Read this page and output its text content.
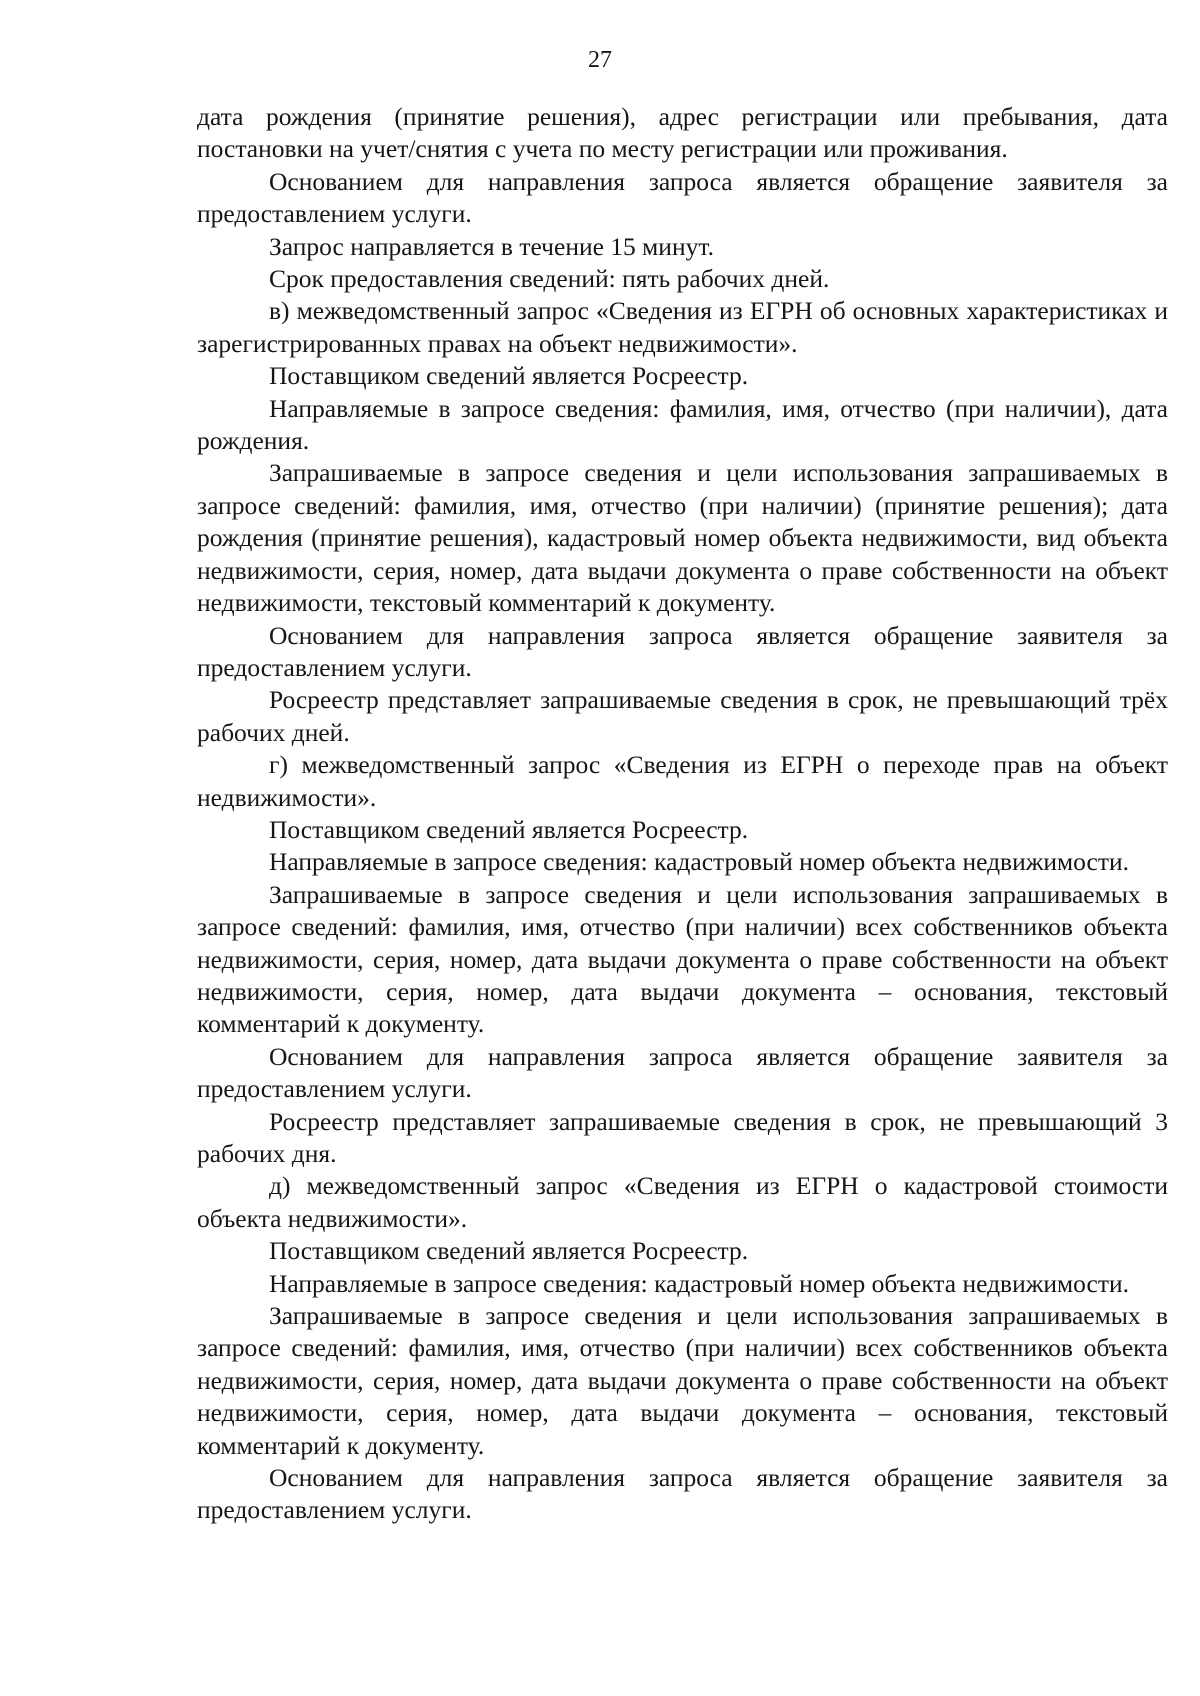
27

дата рождения (принятие решения), адрес регистрации или пребывания, дата постановки на учет/снятия с учета по месту регистрации или проживания.

Основанием для направления запроса является обращение заявителя за предоставлением услуги.

Запрос направляется в течение 15 минут.

Срок предоставления сведений: пять рабочих дней.

в) межведомственный запрос «Сведения из ЕГРН об основных характеристиках и зарегистрированных правах на объект недвижимости».

Поставщиком сведений является Росреестр.

Направляемые в запросе сведения: фамилия, имя, отчество (при наличии), дата рождения.

Запрашиваемые в запросе сведения и цели использования запрашиваемых в запросе сведений: фамилия, имя, отчество (при наличии) (принятие решения); дата рождения (принятие решения), кадастровый номер объекта недвижимости, вид объекта недвижимости, серия, номер, дата выдачи документа о праве собственности на объект недвижимости, текстовый комментарий к документу.

Основанием для направления запроса является обращение заявителя за предоставлением услуги.

Росреестр представляет запрашиваемые сведения в срок, не превышающий трёх рабочих дней.

г) межведомственный запрос «Сведения из ЕГРН о переходе прав на объект недвижимости».

Поставщиком сведений является Росреестр.

Направляемые в запросе сведения: кадастровый номер объекта недвижимости.

Запрашиваемые в запросе сведения и цели использования запрашиваемых в запросе сведений: фамилия, имя, отчество (при наличии) всех собственников объекта недвижимости, серия, номер, дата выдачи документа о праве собственности на объект недвижимости, серия, номер, дата выдачи документа – основания, текстовый комментарий к документу.

Основанием для направления запроса является обращение заявителя за предоставлением услуги.

Росреестр представляет запрашиваемые сведения в срок, не превышающий 3 рабочих дня.

д) межведомственный запрос «Сведения из ЕГРН о кадастровой стоимости объекта недвижимости».

Поставщиком сведений является Росреестр.

Направляемые в запросе сведения: кадастровый номер объекта недвижимости.

Запрашиваемые в запросе сведения и цели использования запрашиваемых в запросе сведений: фамилия, имя, отчество (при наличии) всех собственников объекта недвижимости, серия, номер, дата выдачи документа о праве собственности на объект недвижимости, серия, номер, дата выдачи документа – основания, текстовый комментарий к документу.

Основанием для направления запроса является обращение заявителя за предоставлением услуги.
